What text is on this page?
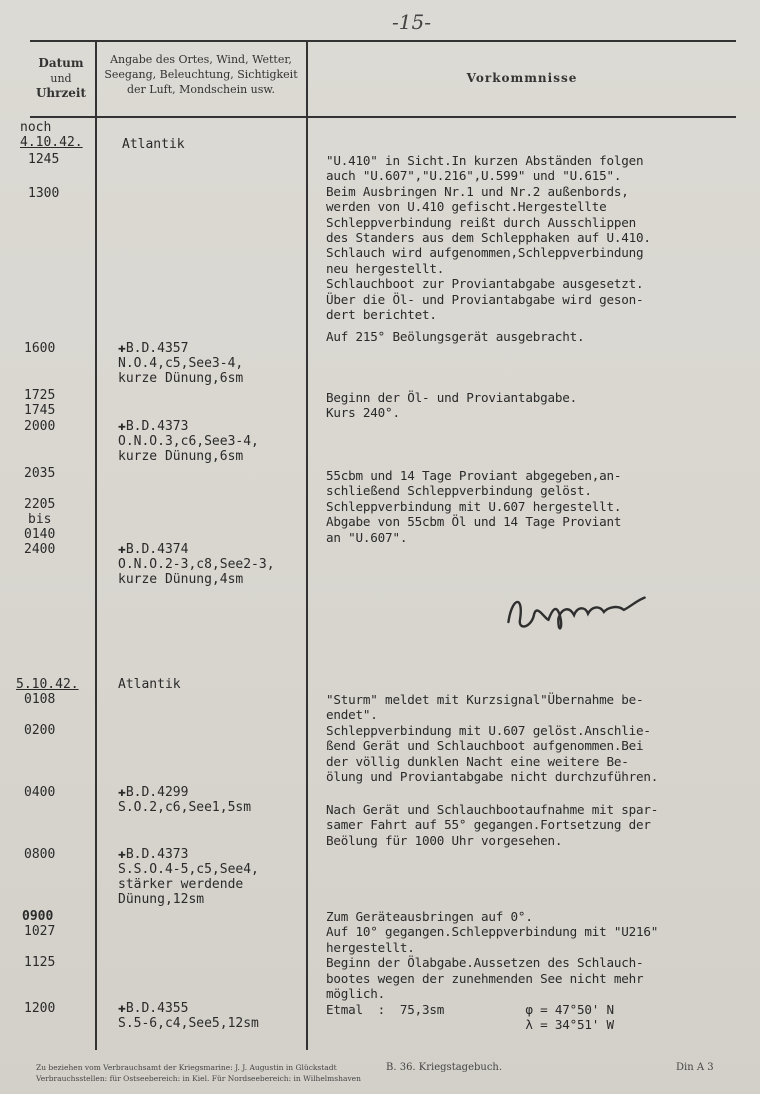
-15-
Datum
und
Uhrzeit
Angabe des Ortes, Wind, Wetter,
Seegang, Beleuchtung, Sichtigkeit
der Luft, Mondschein usw.

Vorkommnisse
noch
4.10.42.
1245
1300
1600
1725
1745
2000
2035
2205
bis
0140
2400
5.10.42.
0108
0200
0400
0800
0900
1027
1125
1200
Atlantik
✚B.D.4357
N.O.4,c5,See3-4,
kurze Dünung,6sm
✚B.D.4373
O.N.O.3,c6,See3-4,
kurze Dünung,6sm
✚B.D.4374
O.N.O.2-3,c8,See2-3,
kurze Dünung,4sm
Atlantik
✚B.D.4299
S.O.2,c6,See1,5sm
✚B.D.4373
S.S.O.4-5,c5,See4,
stärker werdende
Dünung,12sm
✚B.D.4355
S.5-6,c4,See5,12sm
"U.410" in Sicht.In kurzen Abständen folgen
auch "U.607","U.216",U.599" und "U.615".
Beim Ausbringen Nr.1 und Nr.2 außenbords,
werden von U.410 gefischt.Hergestellte
Schleppverbindung reißt durch Ausschlippen
des Standers aus dem Schlepphaken auf U.410.
Schlauch wird aufgenommen,Schleppverbindung
neu hergestellt.
Schlauchboot zur Proviantabgabe ausgesetzt.
Über die Öl- und Proviantabgabe wird geson-
dert berichtet.
Auf 215° Beölungsgerät ausgebracht.
Beginn der Öl- und Proviantabgabe.
Kurs 240°.
55cbm und 14 Tage Proviant abgegeben,an-
schließend Schleppverbindung gelöst.
Schleppverbindung mit U.607 hergestellt.
Abgabe von 55cbm Öl und 14 Tage Proviant
an "U.607".
"Sturm" meldet mit Kurzsignal"Übernahme be-
endet".
Schleppverbindung mit U.607 gelöst.Anschlie-
ßend Gerät und Schlauchboot aufgenommen.Bei
der völlig dunklen Nacht eine weitere Be-
ölung und Proviantabgabe nicht durchzuführen.
Nach Gerät und Schlauchbootaufnahme mit spar-
samer Fahrt auf 55° gegangen.Fortsetzung der
Beölung für 1000 Uhr vorgesehen.
Zum Geräteausbringen auf 0°.
Auf 10° gegangen.Schleppverbindung mit "U216"
hergestellt.
Beginn der Ölabgabe.Aussetzen des Schlauch-
bootes wegen der zunehmenden See nicht mehr
möglich.
Etmal  :  75,3sm           φ = 47°50' N
λ = 34°51' W
Zu beziehen vom Verbrauchsamt der Kriegsmarine: J. J. Augustin in Glückstadt
Verbrauchsstellen: für Ostseebereich: in Kiel. Für Nordseebereich: in Wilhelmshaven
B. 36. Kriegstagebuch.	Din A 3
